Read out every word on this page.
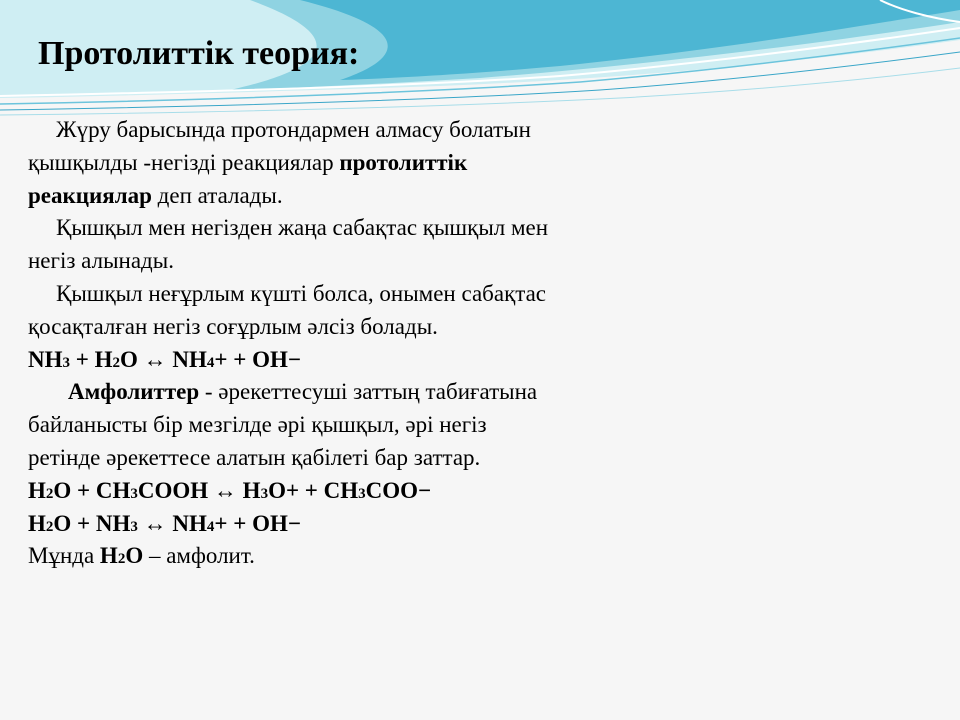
Протолиттік теория:
Жүру барысында протондармен алмасу болатын
қышқылды -негізді реакциялар протолиттік
реакциялар деп аталады.
Қышқыл мен негізден жаңа сабақтас қышқыл мен
негіз алынады.
Қышқыл неғұрлым күшті болса, онымен сабақтас
қосақталған негіз соғұрлым әлсіз болады.
NH3 + H2O ↔ NH4+ + OH−
Амфолиттер - әрекеттесуші заттың табиғатына
байланысты бір мезгілде әрі қышқыл, әрі негіз
ретінде әрекеттесе алатын қабілеті бар заттар.
H2O + CH3COOH ↔ H3O+ + CH3COO−
H2O + NH3 ↔ NH4+ + OH−
Мұнда H2O – амфолит.
